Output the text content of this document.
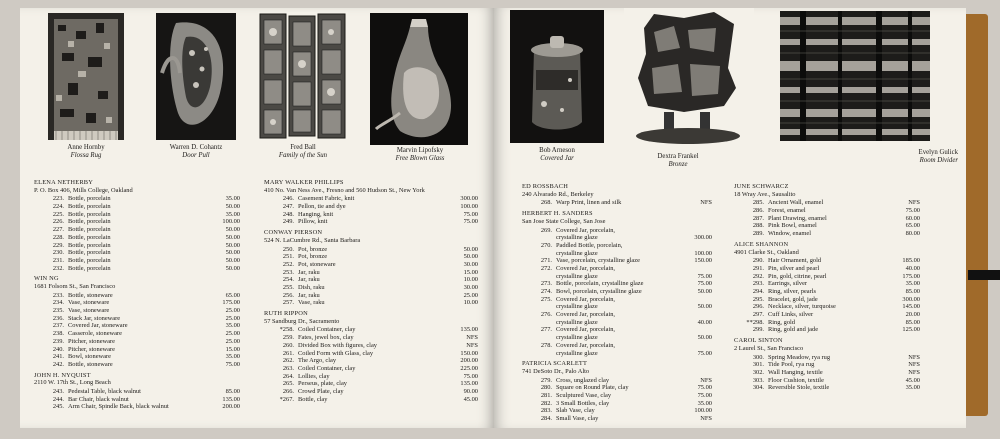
Anne Hornby
Flossa Rug
Warren D. Cohantz
Door Pull
Fred Ball
Family of the Sun
Marvin Lipofsky
Free Blown Glass
ELENA NETHERBY
P. O. Box 406, Mills College, Oakland
223. Bottle, porcelain	35.00
224. Bottle, porcelain	50.00
225. Bottle, porcelain	35.00
226. Bottle, porcelain	100.00
227. Bottle, porcelain	50.00
228. Bottle, porcelain	50.00
229. Bottle, porcelain	50.00
230. Bottle, porcelain	50.00
231. Bottle, porcelain	50.00
232. Bottle, porcelain	50.00
WIN NG
1681 Folsom St., San Francisco
233. Bottle, stoneware	65.00
234. Vase, stoneware	175.00
235. Vase, stoneware	25.00
236. Stack Jar, stoneware	25.00
237. Covered Jar, stoneware	35.00
238. Casserole, stoneware	25.00
239. Pitcher, stoneware	25.00
240. Pitcher, stoneware	15.00
241. Bowl, stoneware	35.00
242. Bottle, stoneware	75.00
JOHN H. NYQUIST
2110 W. 17th St., Long Beach
243. Pedestal Table, black walnut	85.00
244. Bar Chair, black walnut	135.00
245. Arm Chair, Spindle Back, black walnut	200.00
MARY WALKER PHILLIPS
410 No. Van Ness Ave., Fresno and 560 Hudson St., New York
246. Casement Fabric, knit	300.00
247. Pellon, tie and dye	100.00
248. Hanging, knit	75.00
249. Pillow, knit	75.00
CONWAY PIERSON
524 N. LaCumbre Rd., Santa Barbara
250. Pot, bronze	50.00
251. Pot, bronze	50.00
252. Pot, stoneware	30.00
253. Jar, raku	15.00
254. Jar, raku	10.00
255. Dish, raku	30.00
256. Jar, raku	25.00
257. Vase, raku	10.00
RUTH RIPPON
57 Sandburg Dr., Sacramento
*258. Coiled Container, clay	135.00
259. Fates, jewel box, clay	NFS
260. Divided Box with figures, clay	NFS
261. Coiled Form with Glass, clay	150.00
262. The Argo, clay	200.00
263. Coiled Container, clay	225.00
264. Lollies, clay	75.00
265. Perseus, plate, clay	135.00
266. Crowd Plate, clay	90.00
*267. Bottle, clay	45.00
Bob Arneson
Covered Jar	Dextra Frankel
Bronze
Evelyn Gulick
Room Divider
ED ROSSBACH
240 Alvarado Rd., Berkeley
268. Warp Print, linen and silk	NFS
HERBERT H. SANDERS
San Jose State College, San Jose
269. Covered Jar, porcelain,
crystalline glaze	300.00
270. Paddled Bottle, porcelain,
crystalline glaze	100.00
271. Vase, porcelain, crystalline glaze	150.00
272. Covered Jar, porcelain,
crystalline glaze	75.00
273. Bottle, porcelain, crystalline glaze	75.00
274. Bowl, porcelain, crystalline glaze	50.00
275. Covered Jar, porcelain,
crystalline glaze	50.00
276. Covered Jar, porcelain,
crystalline glaze	40.00
277. Covered Jar, porcelain,
crystalline glaze	50.00
278. Covered Jar, porcelain,
crystalline glaze	75.00
PATRICIA SCARLETT
741 DeSoto Dr., Palo Alto
279. Cross, unglazed clay	NFS
280. Square on Round Plate, clay	75.00
281. Sculptured Vase, clay	75.00
282. 3 Small Bottles, clay	35.00
283. Slab Vase, clay	100.00
284. Small Vase, clay	NFS
JUNE SCHWARCZ
18 Wray Ave., Sausalito
285. Ancient Wall, enamel	NFS
286. Forest, enamel	75.00
287. Plant Drawing, enamel	60.00
288. Pink Bowl, enamel	65.00
289. Window, enamel	80.00
ALICE SHANNON
4901 Clarke St., Oakland
290. Hair Ornament, gold	185.00
291. Pin, silver and pearl	40.00
292. Pin, gold, citrine, pearl	175.00
293. Earrings, silver	35.00
294. Ring, silver, pearls	85.00
295. Bracelet, gold, jade	300.00
296. Necklace, silver, turquoise	145.00
297. Cuff Links, silver	20.00
**298. Ring, gold	85.00
299. Ring, gold and jade	125.00
CAROL SINTON
2 Laurel St., San Francisco
300. Spring Meadow, rya rug	NFS
301. Tide Pool, rya rug	NFS
302. Wall Hanging, textile	NFS
303. Floor Cushion, textile	45.00
304. Reversible Stole, textile	35.00
